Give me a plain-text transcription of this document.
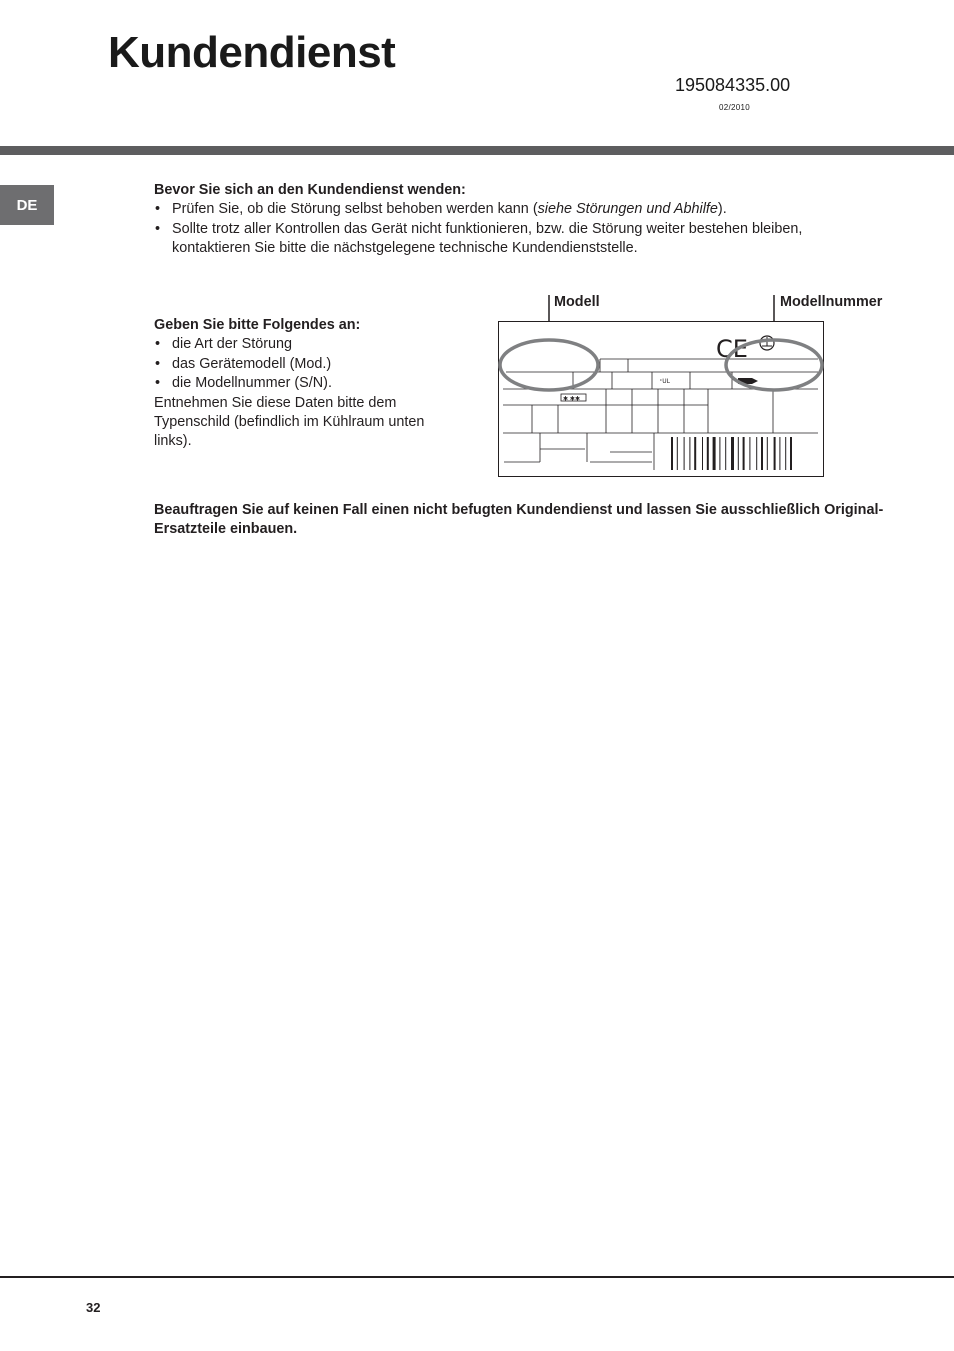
Kundendienst
195084335.00
02/2010
DE

Bevor Sie sich an den Kundendienst wenden:

• Prüfen Sie, ob die Störung selbst behoben werden kann (siehe Störungen und Abhilfe).
• Sollte trotz aller Kontrollen das Gerät nicht funktionieren, bzw. die Störung weiter bestehen bleiben, kontaktieren Sie bitte die nächstgelegene technische Kundendienststelle.

Geben Sie bitte Folgendes an:

• die Art der Störung
• das Gerätemodell (Mod.)
• die Modellnummer (S/N).

Entnehmen Sie diese Daten bitte dem Typenschild (befindlich im Kühlraum unten links).

Modell	Modellnummer
✱ ✱✱
ᶜUL
CE
Beauftragen Sie auf keinen Fall einen nicht befugten Kundendienst und lassen Sie ausschließlich Original-Ersatzteile einbauen.
32
